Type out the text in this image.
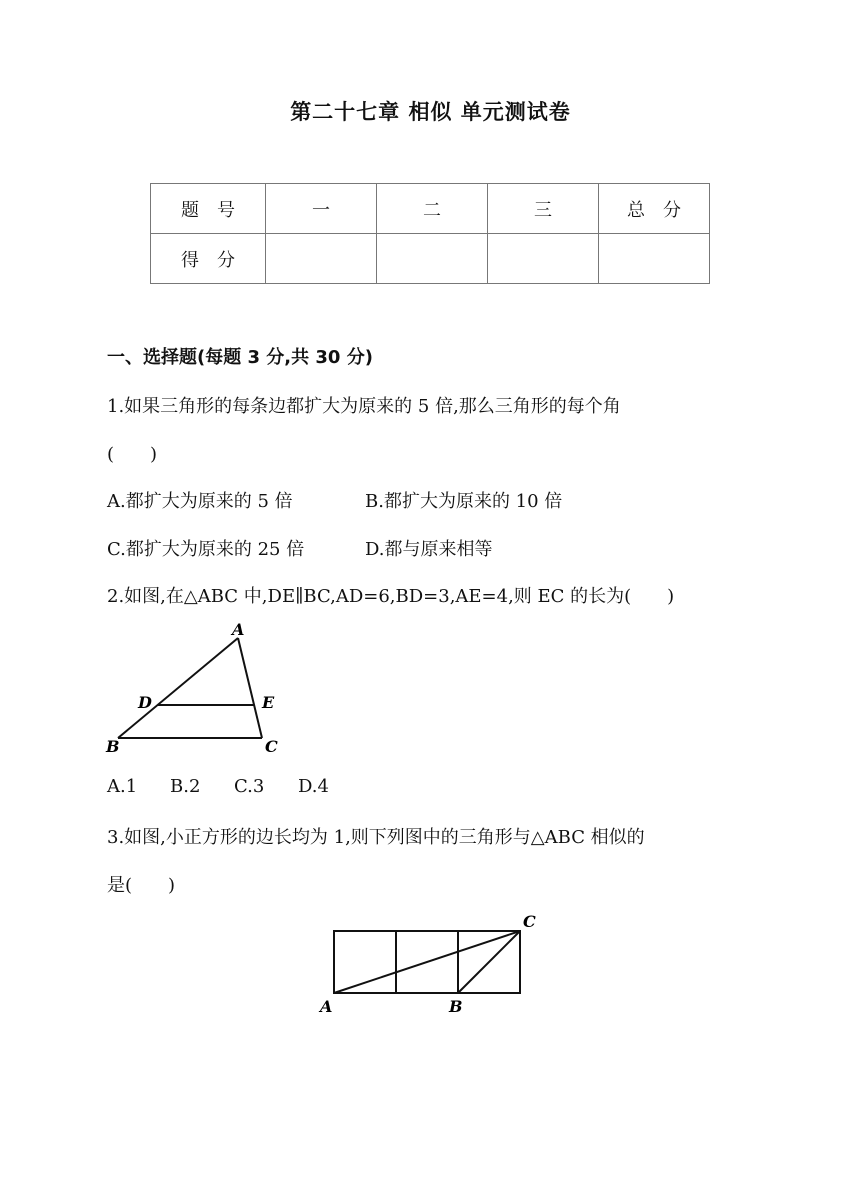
第二十七章 相似 单元测试卷
题　号	一	二	三	总　分
得　分				
一、选择题(每题 3 分,共 30 分)
1.如果三角形的每条边都扩大为原来的 5 倍,那么三角形的每个角
(　　)
A.都扩大为原来的 5 倍	B.都扩大为原来的 10 倍
C.都扩大为原来的 25 倍	D.都与原来相等
2.如图,在△ABC 中,DE∥BC,AD=6,BD=3,AE=4,则 EC 的长为(　　)
A
B	C
D	E
A.1 B.2 C.3 D.4
3.如图,小正方形的边长均为 1,则下列图中的三角形与△ABC 相似的
是(　　)
A	B
C
